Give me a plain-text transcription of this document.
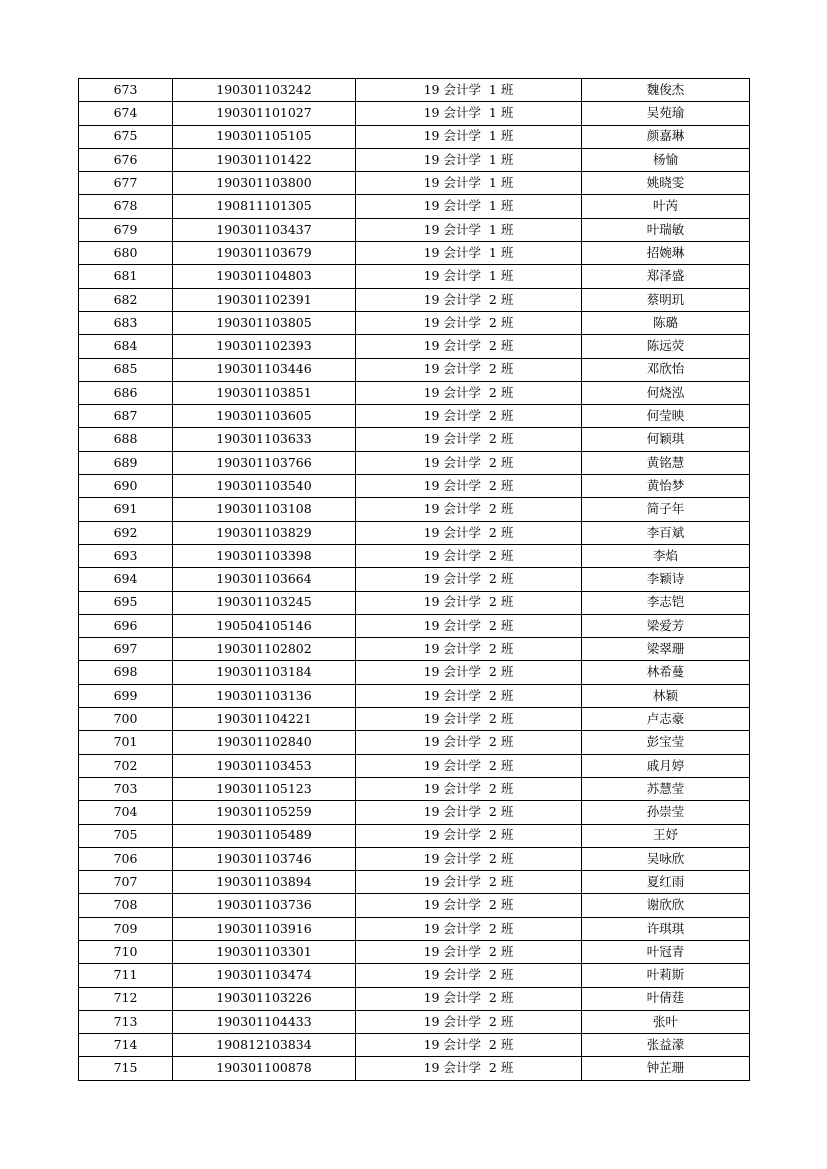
673	190301103242	19 会计学  1 班	魏俊杰
674	190301101027	19 会计学  1 班	吴苑瑜
675	190301105105	19 会计学  1 班	颜嘉琳
676	190301101422	19 会计学  1 班	杨愉
677	190301103800	19 会计学  1 班	姚晓雯
678	190811101305	19 会计学  1 班	叶芮
679	190301103437	19 会计学  1 班	叶瑞敏
680	190301103679	19 会计学  1 班	招婉琳
681	190301104803	19 会计学  1 班	郑泽盛
682	190301102391	19 会计学  2 班	蔡明玑
683	190301103805	19 会计学  2 班	陈璐
684	190301102393	19 会计学  2 班	陈远荧
685	190301103446	19 会计学  2 班	邓欣怡
686	190301103851	19 会计学  2 班	何烧泓
687	190301103605	19 会计学  2 班	何莹映
688	190301103633	19 会计学  2 班	何颖琪
689	190301103766	19 会计学  2 班	黄铭慧
690	190301103540	19 会计学  2 班	黄怡梦
691	190301103108	19 会计学  2 班	简子年
692	190301103829	19 会计学  2 班	李百斌
693	190301103398	19 会计学  2 班	李焰
694	190301103664	19 会计学  2 班	李颖诗
695	190301103245	19 会计学  2 班	李志铠
696	190504105146	19 会计学  2 班	梁爱芳
697	190301102802	19 会计学  2 班	梁翠珊
698	190301103184	19 会计学  2 班	林希蔓
699	190301103136	19 会计学  2 班	林颖
700	190301104221	19 会计学  2 班	卢志豪
701	190301102840	19 会计学  2 班	彭宝莹
702	190301103453	19 会计学  2 班	戚月婷
703	190301105123	19 会计学  2 班	苏慧莹
704	190301105259	19 会计学  2 班	孙崇莹
705	190301105489	19 会计学  2 班	王妤
706	190301103746	19 会计学  2 班	吴咏欣
707	190301103894	19 会计学  2 班	夏红雨
708	190301103736	19 会计学  2 班	谢欣欣
709	190301103916	19 会计学  2 班	许琪琪
710	190301103301	19 会计学  2 班	叶冠青
711	190301103474	19 会计学  2 班	叶莉斯
712	190301103226	19 会计学  2 班	叶倩莛
713	190301104433	19 会计学  2 班	张叶
714	190812103834	19 会计学  2 班	张益濛
715	190301100878	19 会计学  2 班	钟芷珊
